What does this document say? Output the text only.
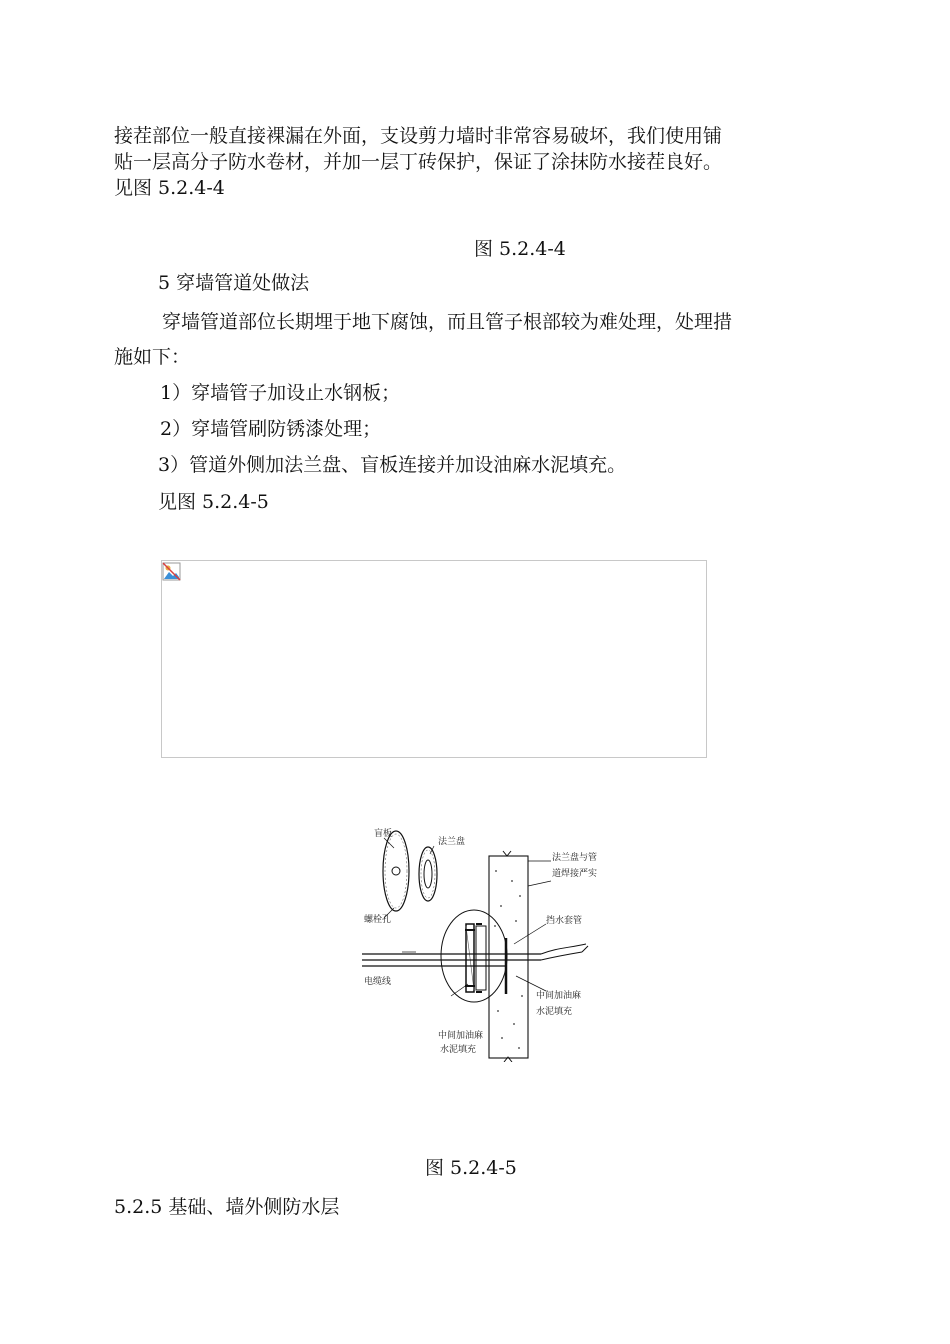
接茬部位一般直接裸漏在外面，支设剪力墙时非常容易破坏，我们使用铺
贴一层高分子防水卷材，并加一层丁砖保护，保证了涂抹防水接茬良好。
见图 5.2.4-4
图 5.2.4-4
5 穿墙管道处做法
穿墙管道部位长期埋于地下腐蚀，而且管子根部较为难处理，处理措
施如下：
1）穿墙管子加设止水钢板；
2）穿墙管刷防锈漆处理；
3）管道外侧加法兰盘、盲板连接并加设油麻水泥填充。
见图 5.2.4-5
盲板
法兰盘
螺栓孔
电缆线
中间加油麻
水泥填充
法兰盘与管
道焊接严实
挡水套管
中间加油麻
水泥填充
图 5.2.4-5
5.2.5 基础、墙外侧防水层
